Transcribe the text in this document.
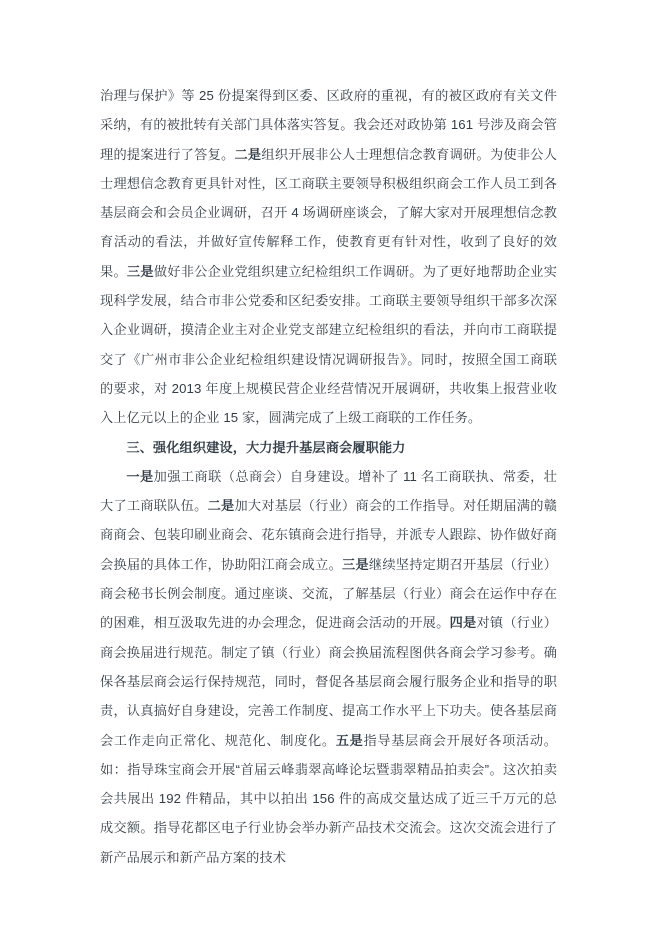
治理与保护》等 25 份提案得到区委、区政府的重视，有的被区政府有关文件采纳，有的被批转有关部门具体落实答复。我会还对政协第 161 号涉及商会管理的提案进行了答复。二是组织开展非公人士理想信念教育调研。为使非公人士理想信念教育更具针对性，区工商联主要领导积极组织商会工作人员工到各基层商会和会员企业调研，召开 4 场调研座谈会，了解大家对开展理想信念教育活动的看法，并做好宣传解释工作，使教育更有针对性，收到了良好的效果。三是做好非公企业党组织建立纪检组织工作调研。为了更好地帮助企业实现科学发展，结合市非公党委和区纪委安排。工商联主要领导组织干部多次深入企业调研，摸清企业主对企业党支部建立纪检组织的看法，并向市工商联提交了《广州市非公企业纪检组织建设情况调研报告》。同时，按照全国工商联的要求，对 2013 年度上规模民营企业经营情况开展调研，共收集上报营业收入上亿元以上的企业 15 家，圆满完成了上级工商联的工作任务。

三、强化组织建设，大力提升基层商会履职能力

一是加强工商联（总商会）自身建设。增补了 11 名工商联执、常委，壮大了工商联队伍。二是加大对基层（行业）商会的工作指导。对任期届满的赣商商会、包装印刷业商会、花东镇商会进行指导，并派专人跟踪、协作做好商会换届的具体工作，协助阳江商会成立。三是继续坚持定期召开基层（行业）商会秘书长例会制度。通过座谈、交流，了解基层（行业）商会在运作中存在的困难，相互汲取先进的办会理念，促进商会活动的开展。四是对镇（行业）商会换届进行规范。制定了镇（行业）商会换届流程图供各商会学习参考。确保各基层商会运行保持规范，同时，督促各基层商会履行服务企业和指导的职责，认真搞好自身建设，完善工作制度、提高工作水平上下功夫。使各基层商会工作走向正常化、规范化、制度化。五是指导基层商会开展好各项活动。如：指导珠宝商会开展“首届云峰翡翠高峰论坛暨翡翠精品拍卖会”。这次拍卖会共展出 192 件精品，其中以拍出 156 件的高成交量达成了近三千万元的总成交额。指导花都区电子行业协会举办新产品技术交流会。这次交流会进行了新产品展示和新产品方案的技术
